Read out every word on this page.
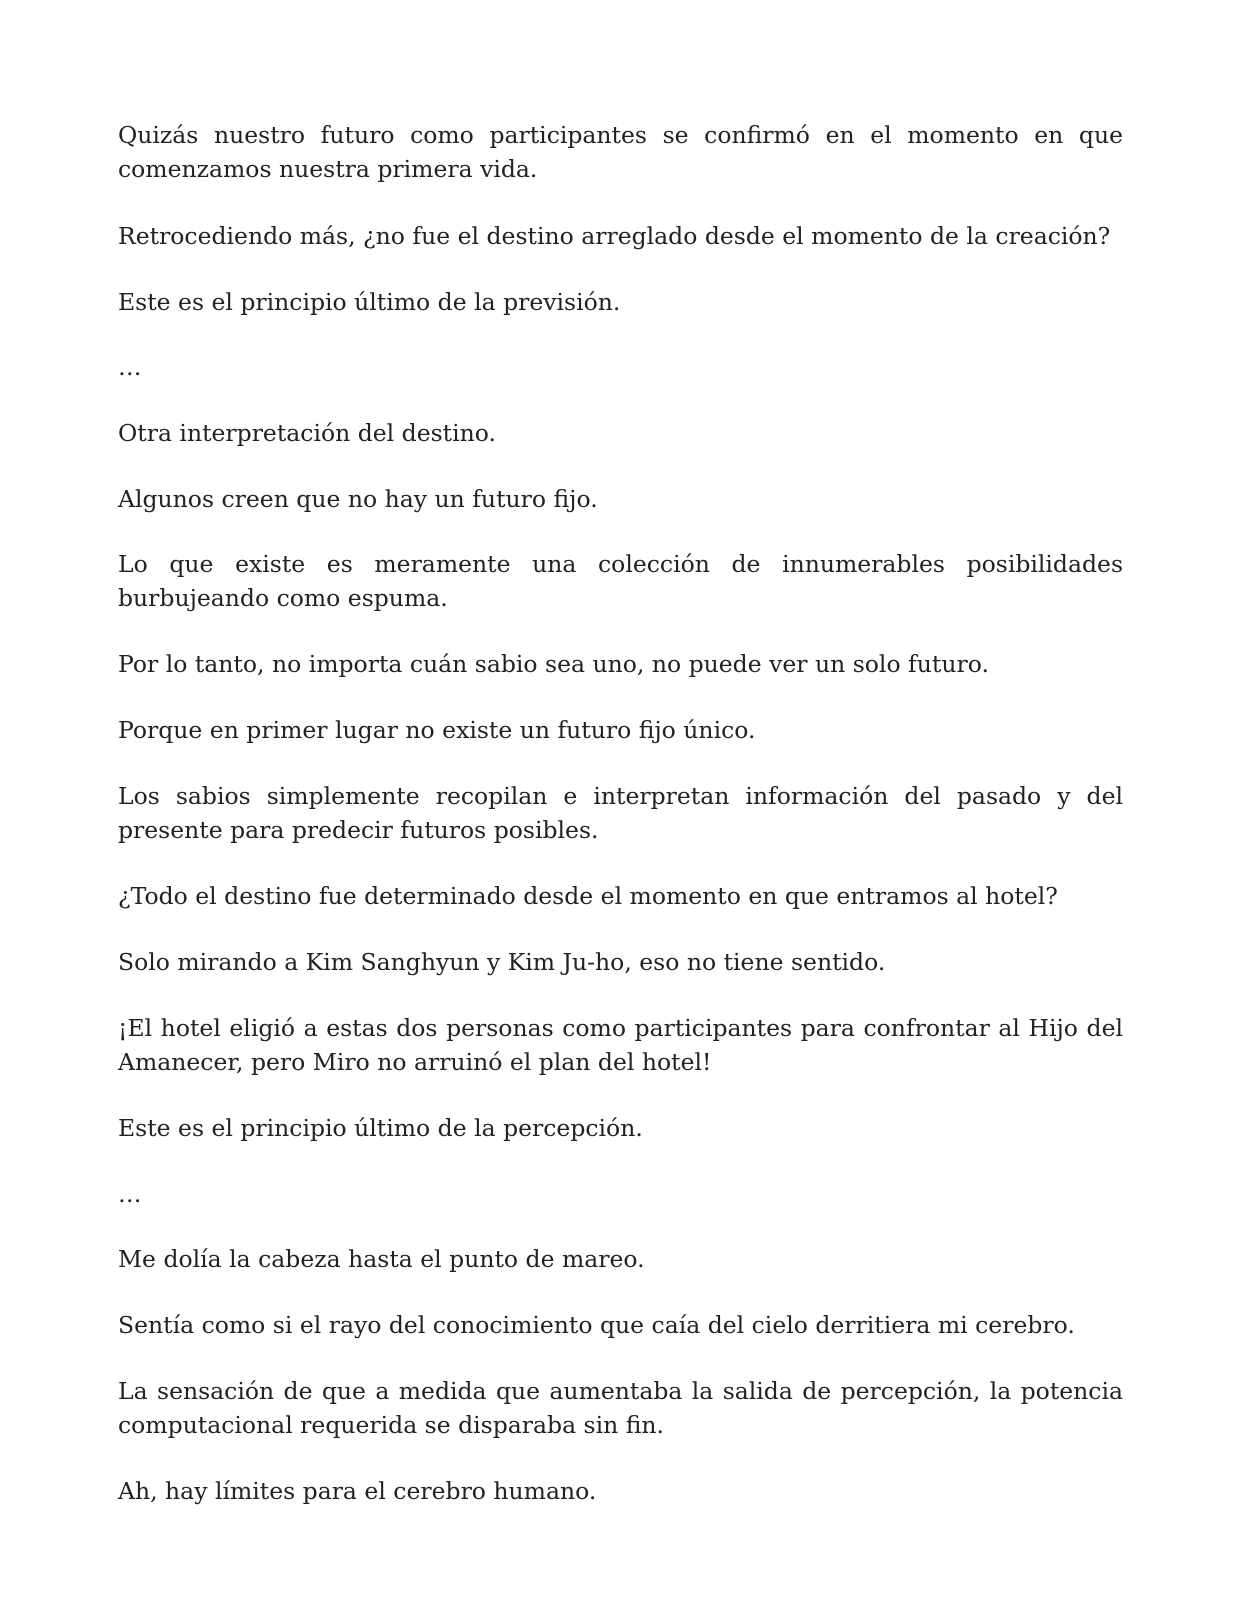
Quizás nuestro futuro como participantes se confirmó en el momento en que comenzamos nuestra primera vida.

Retrocediendo más, ¿no fue el destino arreglado desde el momento de la creación?

Este es el principio último de la previsión.

…

Otra interpretación del destino.

Algunos creen que no hay un futuro fijo.

Lo que existe es meramente una colección de innumerables posibilidades burbujeando como espuma.

Por lo tanto, no importa cuán sabio sea uno, no puede ver un solo futuro.

Porque en primer lugar no existe un futuro fijo único.

Los sabios simplemente recopilan e interpretan información del pasado y del presente para predecir futuros posibles.

¿Todo el destino fue determinado desde el momento en que entramos al hotel?

Solo mirando a Kim Sanghyun y Kim Ju-ho, eso no tiene sentido.

¡El hotel eligió a estas dos personas como participantes para confrontar al Hijo del Amanecer, pero Miro no arruinó el plan del hotel!

Este es el principio último de la percepción.

…

Me dolía la cabeza hasta el punto de mareo.

Sentía como si el rayo del conocimiento que caía del cielo derritiera mi cerebro.

La sensación de que a medida que aumentaba la salida de percepción, la potencia computacional requerida se disparaba sin fin.

Ah, hay límites para el cerebro humano.
